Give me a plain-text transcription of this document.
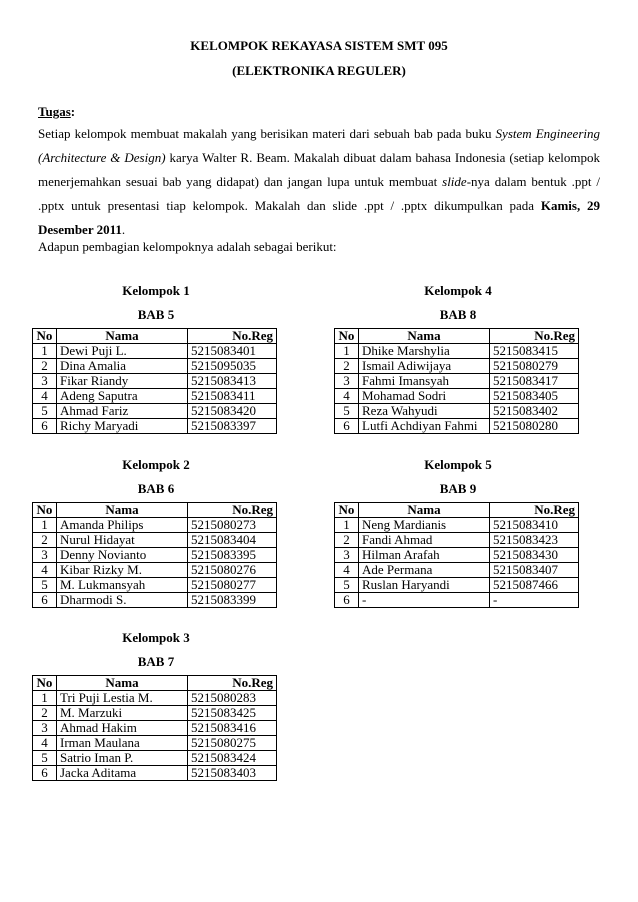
KELOMPOK REKAYASA SISTEM SMT 095
(ELEKTRONIKA REGULER)
Tugas:
Setiap kelompok membuat makalah yang berisikan materi dari sebuah bab pada buku System Engineering
(Architecture & Design) karya Walter R. Beam. Makalah dibuat dalam bahasa Indonesia (setiap kelompok
menerjemahkan sesuai bab yang didapat) dan jangan lupa untuk membuat slide-nya dalam bentuk .ppt /
.pptx untuk presentasi tiap kelompok. Makalah dan slide .ppt / .pptx dikumpulkan pada Kamis, 29
Desember 2011.
Adapun pembagian kelompoknya adalah sebagai berikut:
Kelompok 1
BAB 5
No	Nama	No.Reg
1	Dewi Puji L.	5215083401
2	Dina Amalia	5215095035
3	Fikar Riandy	5215083413
4	Adeng Saputra	5215083411
5	Ahmad Fariz	5215083420
6	Richy Maryadi	5215083397
Kelompok 2
BAB 6
No	Nama	No.Reg
1	Amanda Philips	5215080273
2	Nurul Hidayat	5215083404
3	Denny Novianto	5215083395
4	Kibar Rizky M.	5215080276
5	M. Lukmansyah	5215080277
6	Dharmodi S.	5215083399
Kelompok 3
BAB 7
No	Nama	No.Reg
1	Tri Puji Lestia M.	5215080283
2	M. Marzuki	5215083425
3	Ahmad Hakim	5215083416
4	Irman Maulana	5215080275
5	Satrio Iman P.	5215083424
6	Jacka Aditama	5215083403
Kelompok 4
BAB 8
No	Nama	No.Reg
1	Dhike Marshylia	5215083415
2	Ismail Adiwijaya	5215080279
3	Fahmi Imansyah	5215083417
4	Mohamad Sodri	5215083405
5	Reza Wahyudi	5215083402
6	Lutfi Achdiyan Fahmi	5215080280
Kelompok 5
BAB 9
No	Nama	No.Reg
1	Neng Mardianis	5215083410
2	Fandi Ahmad	5215083423
3	Hilman Arafah	5215083430
4	Ade Permana	5215083407
5	Ruslan Haryandi	5215087466
6	-	-
